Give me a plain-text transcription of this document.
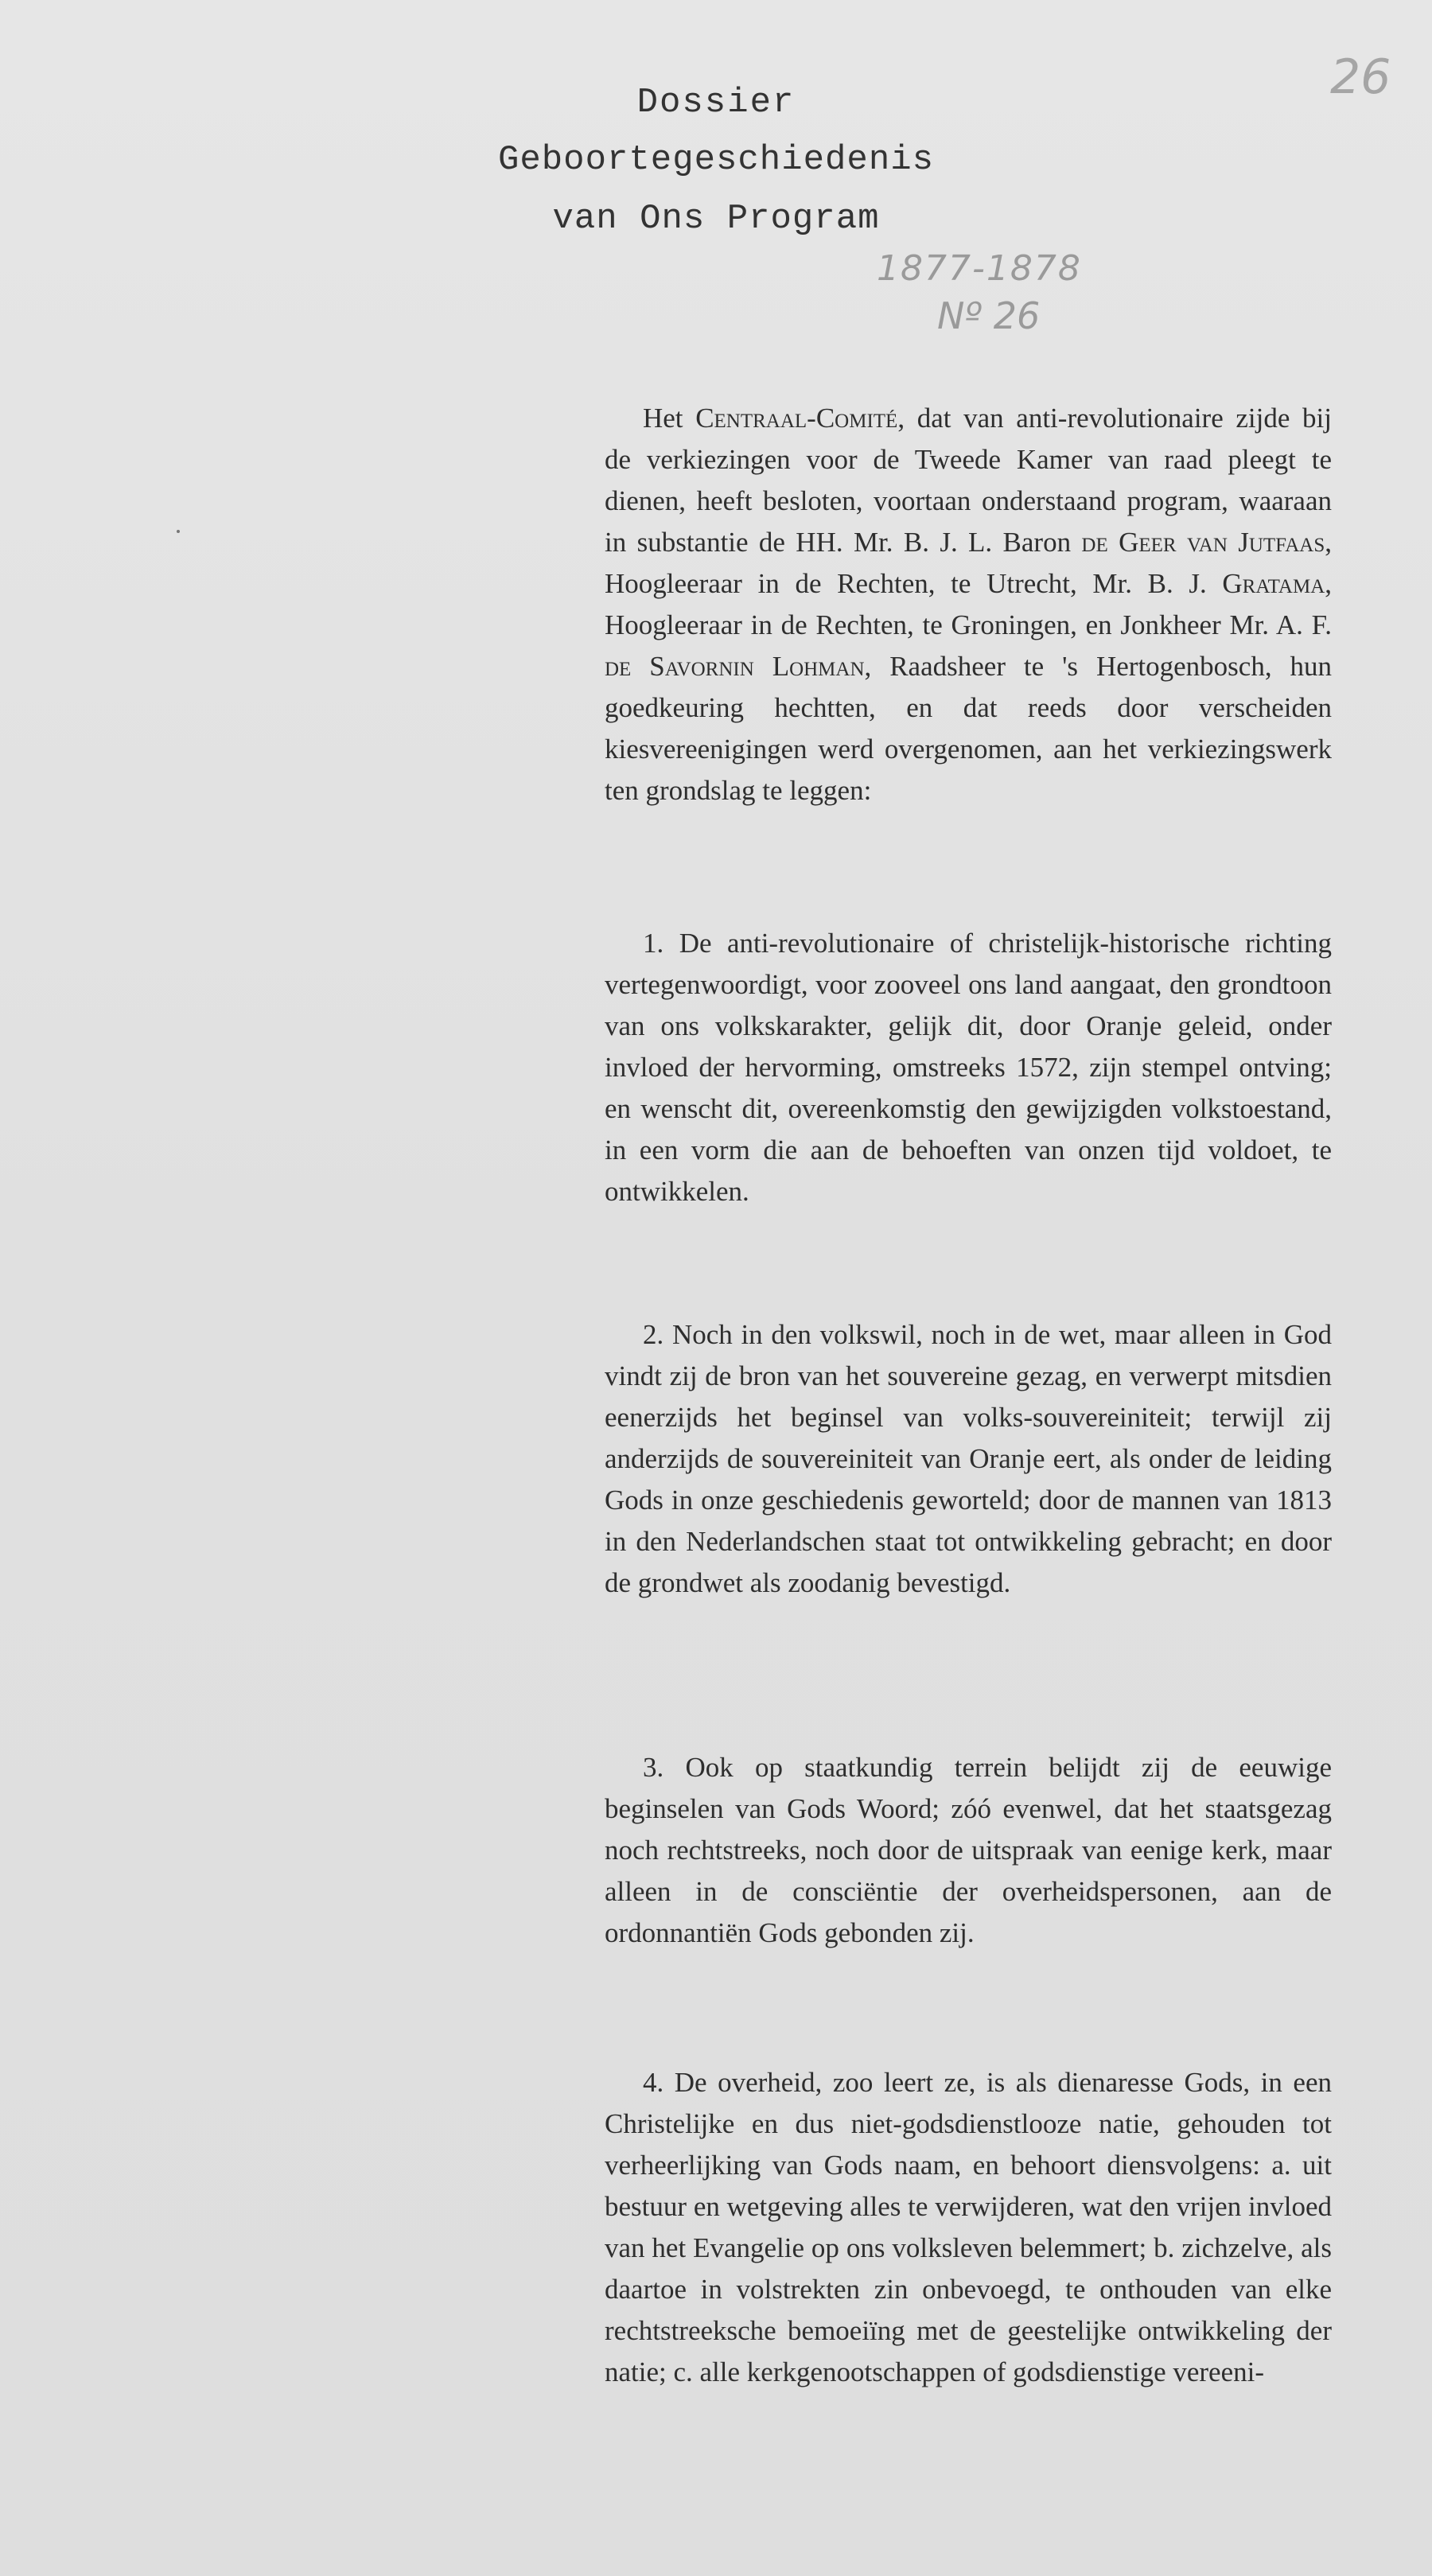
26
Dossier
Geboortegeschiedenis
van Ons Program
1877-1878
Nº 26

Het Centraal-Comité, dat van anti-revolutionaire zijde bij de verkiezingen voor de Tweede Kamer van raad pleegt te dienen, heeft besloten, voortaan onderstaand program, waaraan in substantie de HH. Mr. B. J. L. Baron de Geer van Jutfaas, Hoogleeraar in de Rechten, te Utrecht, Mr. B. J. Gratama, Hoogleeraar in de Rechten, te Groningen, en Jonkheer Mr. A. F. de Savornin Lohman, Raadsheer te 's Hertogenbosch, hun goedkeuring hechtten, en dat reeds door verscheiden kiesvereenigingen werd overgenomen, aan het verkiezingswerk ten grondslag te leggen:

1. De anti-revolutionaire of christelijk-historische richting vertegenwoordigt, voor zooveel ons land aangaat, den grondtoon van ons volkskarakter, gelijk dit, door Oranje geleid, onder invloed der hervorming, omstreeks 1572, zijn stempel ontving; en wenscht dit, overeenkomstig den gewijzigden volkstoestand, in een vorm die aan de behoeften van onzen tijd voldoet, te ontwikkelen.

2. Noch in den volkswil, noch in de wet, maar alleen in God vindt zij de bron van het souvereine gezag, en verwerpt mitsdien eenerzijds het beginsel van volks-souvereiniteit; terwijl zij anderzijds de souvereiniteit van Oranje eert, als onder de leiding Gods in onze geschiedenis geworteld; door de mannen van 1813 in den Nederlandschen staat tot ontwikkeling gebracht; en door de grondwet als zoodanig bevestigd.

3. Ook op staatkundig terrein belijdt zij de eeuwige beginselen van Gods Woord; zóó evenwel, dat het staatsgezag noch rechtstreeks, noch door de uitspraak van eenige kerk, maar alleen in de consciëntie der overheidspersonen, aan de ordonnantiën Gods gebonden zij.

4. De overheid, zoo leert ze, is als dienaresse Gods, in een Christelijke en dus niet-godsdienstlooze natie, gehouden tot verheerlijking van Gods naam, en behoort diensvolgens: a. uit bestuur en wetgeving alles te verwijderen, wat den vrijen invloed van het Evangelie op ons volksleven belemmert; b. zichzelve, als daartoe in volstrekten zin onbevoegd, te onthouden van elke rechtstreeksche bemoeiïng met de geestelijke ontwikkeling der natie; c. alle kerkgenootschappen of godsdienstige vereeni-
